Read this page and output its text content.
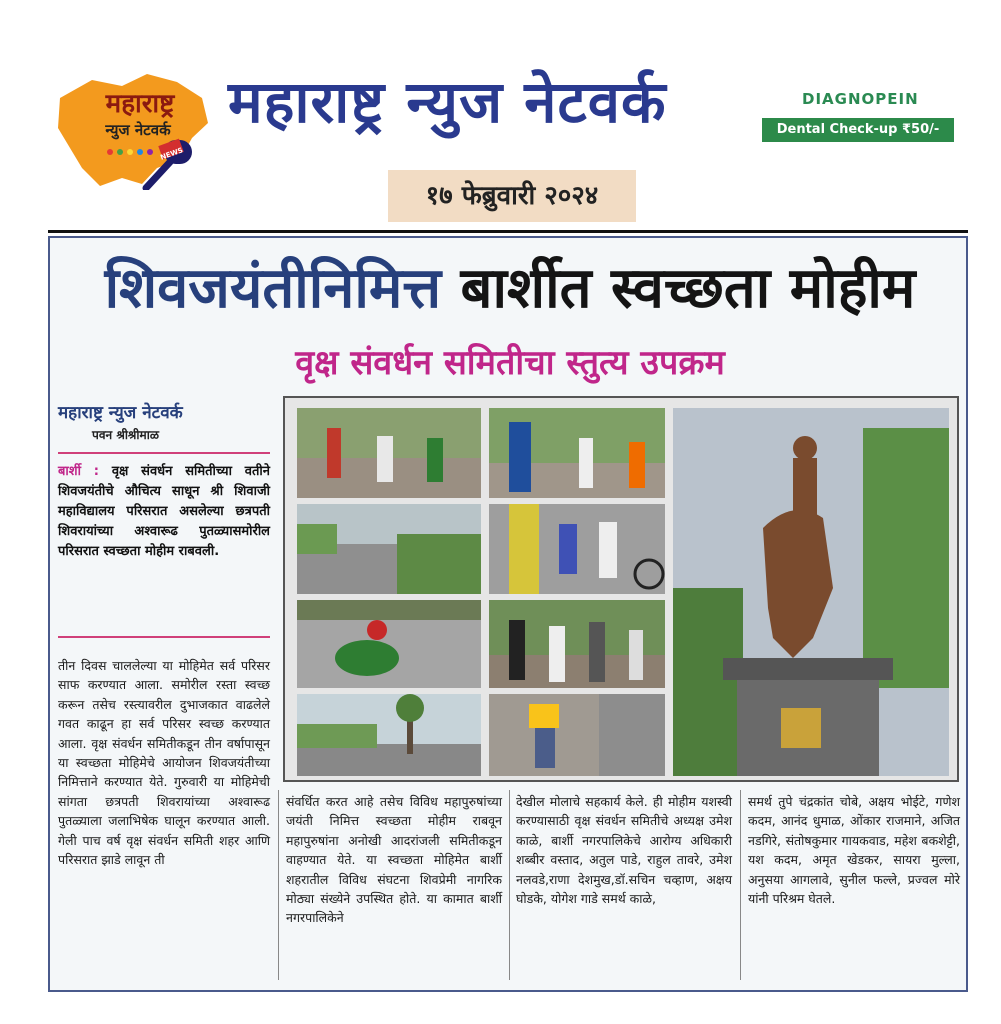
महाराष्ट्र
न्युज नेटवर्क
NEWS
महाराष्ट्र न्युज नेटवर्क	DIAGNOPEIN
Dental Check-up ₹50/-
१७ फेब्रुवारी २०२४
शिवजयंतीनिमित्त बार्शीत स्वच्छता मोहीम
वृक्ष संवर्धन समितीचा स्तुत्य उपक्रम
महाराष्ट्र न्युज नेटवर्क
पवन श्रीश्रीमाळ
बार्शी : वृक्ष संवर्धन समितीच्या वतीने शिवजयंतीचे औचित्य साधून श्री शिवाजी महाविद्यालय परिसरात असलेल्या छत्रपती शिवरायांच्या अश्वारूढ पुतळ्यासमोरील परिसरात स्वच्छता मोहीम राबवली.
तीन दिवस चाललेल्या या मोहिमेत सर्व परिसर साफ करण्यात आला. समोरील रस्ता स्वच्छ करून तसेच रस्त्यावरील दुभाजकात वाढलेले गवत काढून हा सर्व परिसर स्वच्छ करण्यात आला. वृक्ष संवर्धन समितीकडून तीन वर्षापासून या स्वच्छता मोहिमेचे आयोजन शिवजयंतीच्या निमित्ताने करण्यात येते. गुरुवारी या मोहिमेची सांगता छत्रपती शिवरायांच्या अश्वारूढ पुतळ्याला जलाभिषेक घालून करण्यात आली. गेली पाच वर्ष वृक्ष संवर्धन समिती शहर आणि परिसरात झाडे लावून ती
संवर्धित करत आहे तसेच विविध महापुरुषांच्या जयंती निमित्त स्वच्छता मोहीम राबवून महापुरुषांना अनोखी आदरांजली समितीकडून वाहण्यात येते. या स्वच्छता मोहिमेत बार्शी शहरातील विविध संघटना शिवप्रेमी नागरिक मोठ्या संख्येने उपस्थित होते. या कामात बार्शी नगरपालिकेने
देखील मोलाचे सहकार्य केले. ही मोहीम यशस्वी करण्यासाठी वृक्ष संवर्धन समितीचे अध्यक्ष उमेश काळे, बार्शी नगरपालिकेचे आरोग्य अधिकारी शब्बीर वस्ताद, अतुल पाडे, राहुल तावरे, उमेश नलवडे,राणा देशमुख,डॉ.सचिन चव्हाण, अक्षय घोडके, योगेश गाडे समर्थ काळे,
समर्थ तुपे चंद्रकांत चोबे, अक्षय भोईटे, गणेश कदम, आनंद धुमाळ, ओंकार राजमाने, अजित नडगिरे, संतोषकुमार गायकवाड, महेश बकशेट्टी, यश कदम, अमृत खेडकर, सायरा मुल्ला, अनुसया आगलावे, सुनील फल्ले, प्रज्वल मोरे यांनी परिश्रम घेतले.
